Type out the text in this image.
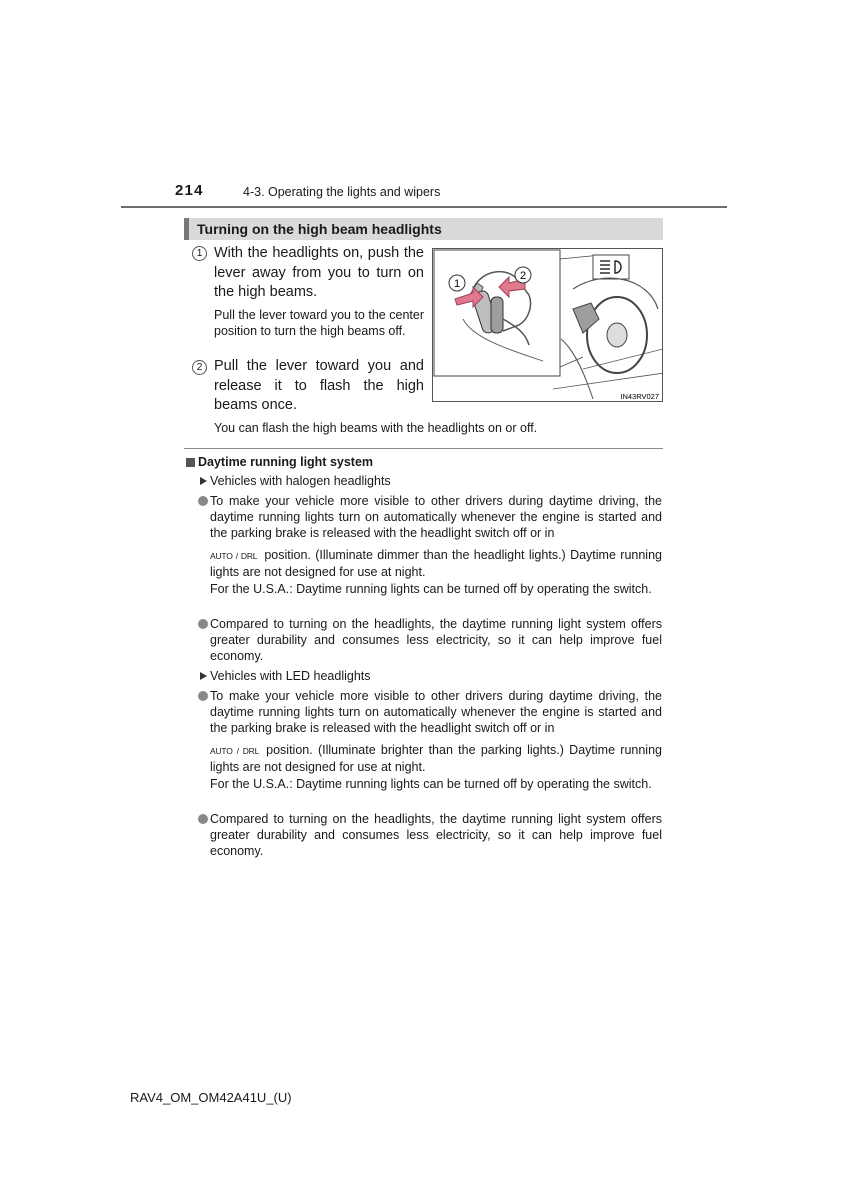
214	4-3. Operating the lights and wipers
Turning on the high beam headlights
1 With the headlights on, push the lever away from you to turn on the high beams.
Pull the lever toward you to the center position to turn the high beams off.
2 Pull the lever toward you and release it to flash the high beams once.
1
2
IN43RV027
You can flash the high beams with the headlights on or off.
Daytime running light system
Vehicles with halogen headlights
To make your vehicle more visible to other drivers during daytime driving, the daytime running lights turn on automatically whenever the engine is started and the parking brake is released with the headlight switch off or in
AUTO / DRL position. (Illuminate dimmer than the headlight lights.) Daytime running lights are not designed for use at night.
For the U.S.A.: Daytime running lights can be turned off by operating the switch.
Compared to turning on the headlights, the daytime running light system offers greater durability and consumes less electricity, so it can help improve fuel economy.
Vehicles with LED headlights
To make your vehicle more visible to other drivers during daytime driving, the daytime running lights turn on automatically whenever the engine is started and the parking brake is released with the headlight switch off or in
AUTO / DRL position. (Illuminate brighter than the parking lights.) Daytime running lights are not designed for use at night.
For the U.S.A.: Daytime running lights can be turned off by operating the switch.
Compared to turning on the headlights, the daytime running light system offers greater durability and consumes less electricity, so it can help improve fuel economy.
RAV4_OM_OM42A41U_(U)
